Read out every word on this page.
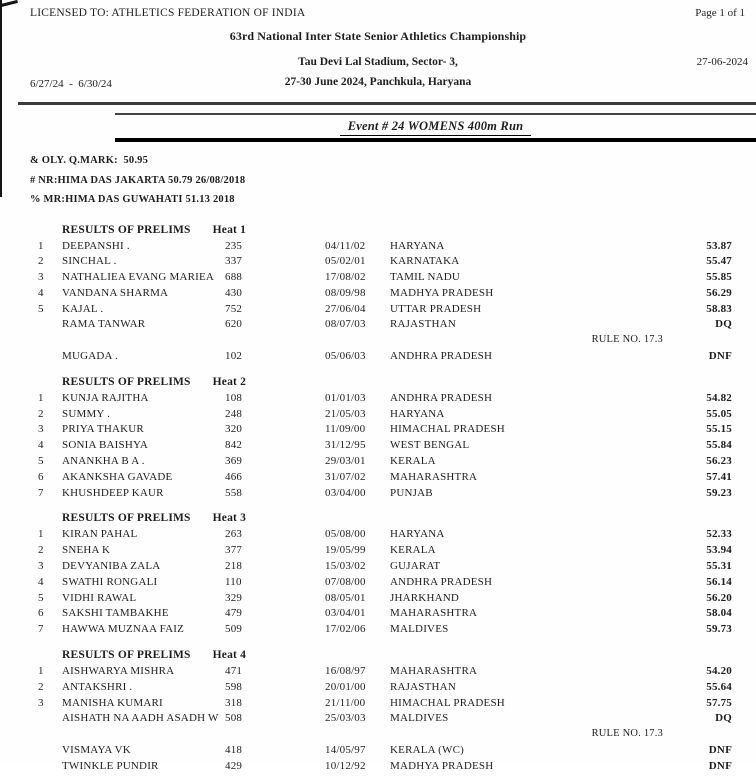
LICENSED TO: ATHLETICS FEDERATION OF INDIA	Page 1 of 1
63rd National Inter State Senior Athletics Championship
Tau Devi Lal Stadium, Sector- 3,	27-06-2024
6/27/24  -  6/30/24	27-30 June 2024, Panchkula, Haryana
Event # 24 WOMENS 400m Run
& OLY. Q.MARK:  50.95
# NR:HIMA DAS JAKARTA 50.79 26/08/2018
% MR:HIMA DAS GUWAHATI 51.13 2018
RESULTS OF PRELIMS Heat 1
1	DEEPANSHI .	235	04/11/02	HARYANA	53.87
2	SINCHAL .	337	05/02/01	KARNATAKA	55.47
3	NATHALIEA EVANG MARIEA 688	17/08/02	TAMIL NADU	55.85
4	VANDANA SHARMA	430	08/09/98	MADHYA PRADESH	56.29
5	KAJAL .	752	27/06/04	UTTAR PRADESH	58.83
RAMA TANWAR	620	08/07/03	RAJASTHAN	DQ
RULE NO. 17.3
MUGADA .	102	05/06/03	ANDHRA PRADESH	DNF
RESULTS OF PRELIMS Heat 2
1	KUNJA RAJITHA	108	01/01/03	ANDHRA PRADESH	54.82
2	SUMMY .	248	21/05/03	HARYANA	55.05
3	PRIYA THAKUR	320	11/09/00	HIMACHAL PRADESH	55.15
4	SONIA BAISHYA	842	31/12/95	WEST BENGAL	55.84
5	ANANKHA B A .	369	29/03/01	KERALA	56.23
6	AKANKSHA GAVADE	466	31/07/02	MAHARASHTRA	57.41
7	KHUSHDEEP KAUR	558	03/04/00	PUNJAB	59.23
RESULTS OF PRELIMS Heat 3
1	KIRAN PAHAL	263	05/08/00	HARYANA	52.33
2	SNEHA K	377	19/05/99	KERALA	53.94
3	DEVYANIBA ZALA	218	15/03/02	GUJARAT	55.31
4	SWATHI RONGALI	110	07/08/00	ANDHRA PRADESH	56.14
5	VIDHI RAWAL	329	08/05/01	JHARKHAND	56.20
6	SAKSHI TAMBAKHE	479	03/04/01	MAHARASHTRA	58.04
7	HAWWA MUZNAA FAIZ	509	17/02/06	MALDIVES	59.73
RESULTS OF PRELIMS Heat 4
1	AISHWARYA MISHRA	471	16/08/97	MAHARASHTRA	54.20
2	ANTAKSHRI .	598	20/01/00	RAJASTHAN	55.64
3	MANISHA KUMARI	318	21/11/00	HIMACHAL PRADESH	57.75
AISHATH NA AADH ASADH W 508	25/03/03	MALDIVES	DQ
RULE NO. 17.3
VISMAYA VK	418	14/05/97	KERALA (WC)	DNF
TWINKLE PUNDIR	429	10/12/92	MADHYA PRADESH	DNF
